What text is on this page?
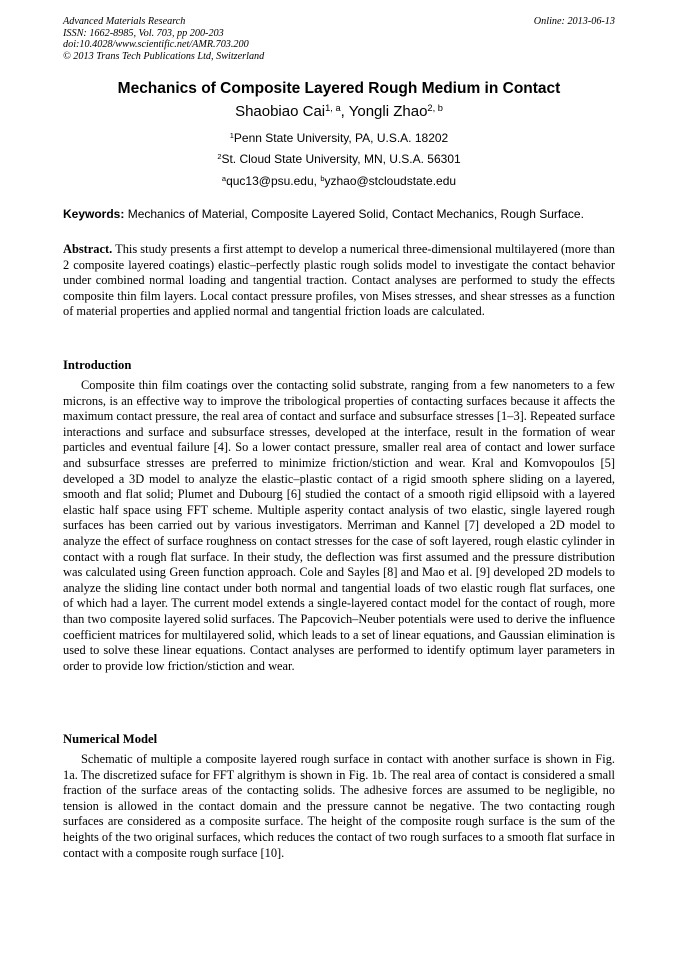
Advanced Materials Research
ISSN: 1662-8985, Vol. 703, pp 200-203
doi:10.4028/www.scientific.net/AMR.703.200
© 2013 Trans Tech Publications Ltd, Switzerland
Online: 2013-06-13
Mechanics of Composite Layered Rough Medium in Contact
Shaobiao Cai$^{1, a}$, Yongli Zhao$^{2, b}$
$^1$Penn State University, PA, U.S.A. 18202
$^2$St. Cloud State University, MN, U.S.A. 56301
$^a$quc13@psu.edu, $^b$yzhao@stcloudstate.edu
Keywords: Mechanics of Material, Composite Layered Solid, Contact Mechanics, Rough Surface.
Abstract. This study presents a first attempt to develop a numerical three-dimensional multilayered (more than 2 composite layered coatings) elastic–perfectly plastic rough solids model to investigate the contact behavior under combined normal loading and tangential traction. Contact analyses are performed to study the effects composite thin film layers. Local contact pressure profiles, von Mises stresses, and shear stresses as a function of material properties and applied normal and tangential friction loads are calculated.
Introduction
Composite thin film coatings over the contacting solid substrate, ranging from a few nanometers to a few microns, is an effective way to improve the tribological properties of contacting surfaces because it affects the maximum contact pressure, the real area of contact and surface and subsurface stresses [1–3]. Repeated surface interactions and surface and subsurface stresses, developed at the interface, result in the formation of wear particles and eventual failure [4]. So a lower contact pressure, smaller real area of contact and lower surface and subsurface stresses are preferred to minimize friction/stiction and wear. Kral and Komvopoulos [5] developed a 3D model to analyze the elastic–plastic contact of a rigid smooth sphere sliding on a layered, smooth and flat solid; Plumet and Dubourg [6] studied the contact of a smooth rigid ellipsoid with a layered elastic half space using FFT scheme. Multiple asperity contact analysis of two elastic, single layered rough surfaces has been carried out by various investigators. Merriman and Kannel [7] developed a 2D model to analyze the effect of surface roughness on contact stresses for the case of soft layered, rough elastic cylinder in contact with a rough flat surface. In their study, the deflection was first assumed and the pressure distribution was calculated using Green function approach. Cole and Sayles [8] and Mao et al. [9] developed 2D models to analyze the sliding line contact under both normal and tangential loads of two elastic rough flat surfaces, one of which had a layer. The current model extends a single-layered contact model for the contact of rough, more than two composite layered solid surfaces. The Papcovich–Neuber potentials were used to derive the influence coefficient matrices for multilayered solid, which leads to a set of linear equations, and Gaussian elimination is used to solve these linear equations. Contact analyses are performed to identify optimum layer parameters in order to provide low friction/stiction and wear.
Numerical Model
Schematic of multiple a composite layered rough surface in contact with another surface is shown in Fig. 1a. The discretized suface for FFT algrithym is shown in Fig. 1b. The real area of contact is considered a small fraction of the surface areas of the contacting solids. The adhesive forces are assumed to be negligible, no tension is allowed in the contact domain and the pressure cannot be negative. The two contacting rough surfaces are considered as a composite surface. The height of the composite rough surface is the sum of the heights of the two original surfaces, which reduces the contact of two rough surfaces to a smooth flat surface in contact with a composite rough surface [10].
